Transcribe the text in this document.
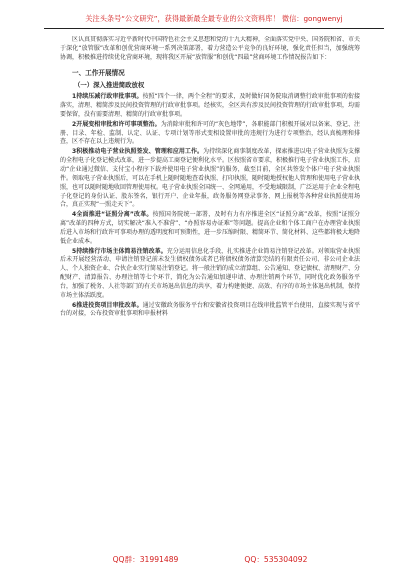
关注头条号“公文研究”，获得最新最全最专业的公文资料库！ 微信：gongwenyj

区认真贯彻落实习近平新时代中国特色社会主义思想和党的十九大精神，全面落实党中央、国务院和省、市关于深化“放管服”改革和创优营商环境一系列决策部署，着力营造公平竞争的良好环境，强化责任担当，加强统筹协调，积极推进持续优化营商环境，现将我区开展“放管服”和创优“四最”营商环境工作情况报告如下：

一、工作开展情况
（一）深入推进简政放权

1持续压减行政审批事项。按照“四个一律，两个全程”的要求，及时做好国务院取消调整行政审批事项的衔接落实，清理、精简涉及民间投资管理的行政审批事项。经核实，全区共有涉及民间投资管理的行政审批事项，均需要保留，没有需要清理、精简的行政审批事项。

2开展变相审批和许可事项整治。为消除审批和许可的“灰色地带”，各职能部门积极开展对以备案、登记、注册、目录、年检、监制、认定、认证、专项计划等形式变相设置审批的违规行为进行专项整治，经认真梳理和排查，区不存在以上违规行为。

3积极推动电子营业执照签发、管理和应用工作。为持续深化商事制度改革，探索推进以电子营业执照为支撑的全程电子化登记模式改革，进一步提高工商登记便利化水平。区按照省市要求，积极推行电子营业执照工作，启动“企业通过微信、支付宝小程序下载并使用电子营业执照”的服务，截至目前，全区共签发个体户电子营业执照件。领取电子营业执照后，可以在手机上随时随地查看执照、打印执照，随时随地授权他人管理和使用电子营业执照，也可以随时随地收回管理使用权。电子营业执照全国统一、全网通用，不受地域限制，广泛运用于企业全程电子化登记的身份认证、股东签名，银行开户、企业年报，政务服务网登录事务、网上报税等各种营业执照使用场合，真正实现“一照走天下”。

4全面推进“证照分离”改革。按照国务院统一部署，及时有力有序推进全区“证照分离”改革，按照“证照分离”改革的四种方式，切实解决“准入不准营”、“办照容易办证难”等问题。提高企业和个体工商户在办理营业执照后进入市场和行政许可事项办理的透明度和可预期性，进一步压缩时限、精简环节、简化材料、这些都将极大地降低企业成本。

5持续推行市场主体简易注销改革。充分运用信息化手段，扎实推进企业简易注销登记改革。对领取营业执照后未开展经营活动、申请注销登记前未发生债权债务或者已将债权债务清算完结的有限责任公司、非公司企业法人、个人独资企业、合伙企业实行简易注销登记。将一般注销的成立清算组、公告通知、登记债权、清理财产、分配财产、清算报告、办理注销等七个环节，简化为公告通知加递申请、办理注销两个环节，同时优化政务服务平台，加强了税务、人社等部门的有关市场退出信息的共享，着力构建便捷、高效、有序的市场主体退出机制，保持市场主体活跃度。

6推进投资项目审批改革。通过安徽政务服务平台和安徽省投资项目在线审批监管平台使用，直接实现与省平台的对接，公布投资审批事项和申报材料

QQ群：31991489	QQ：535304092
